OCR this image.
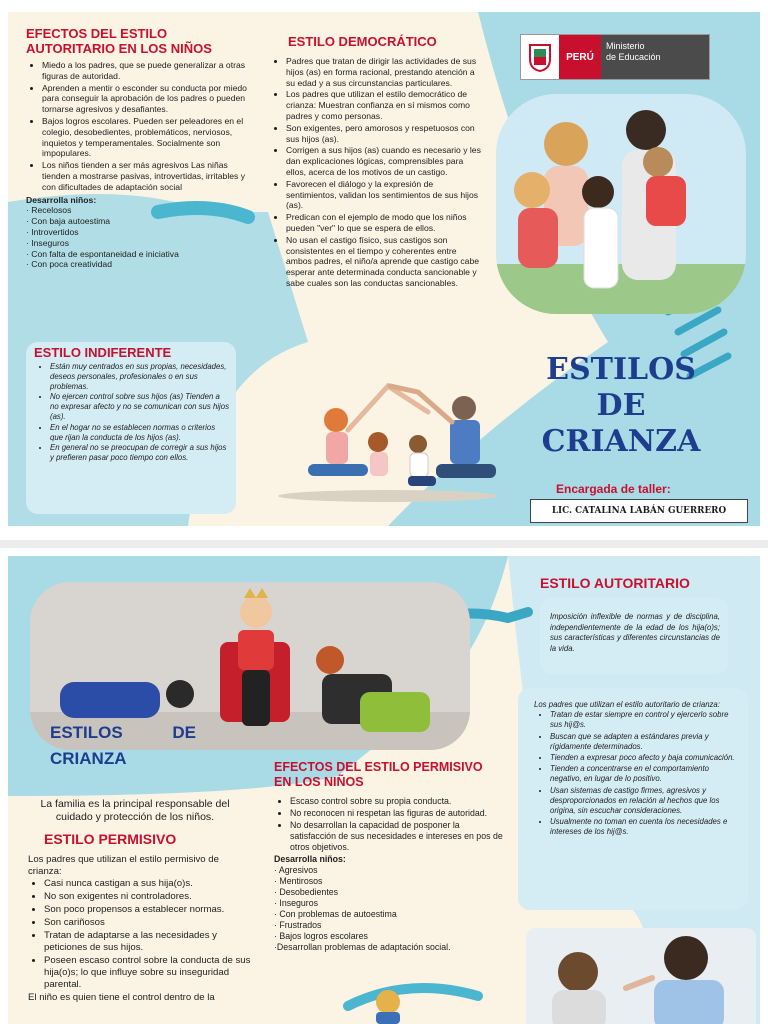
EFECTOS DEL ESTILO AUTORITARIO EN LOS NIÑOS
• Miedo a los padres, que se puede generalizar a otras figuras de autoridad.
• Aprenden a mentir o esconder su conducta por miedo para conseguir la aprobación de los padres o pueden tornarse agresivos y desafiantes.
• Bajos logros escolares. Pueden ser peleadores en el colegio, desobedientes, problemáticos, nerviosos, inquietos y temperamentales. Socialmente son impopulares.
• Los niños tienden a ser más agresivos Las niñas tienden a mostrarse pasivas, introvertidas, irritables y con dificultades de adaptación social
Desarrolla niños:
· Recelosos
· Con baja autoestima
· Introvertidos
· Inseguros
· Con falta de espontaneidad e iniciativa
· Con poca creatividad
ESTILO INDIFERENTE
• Están muy centrados en sus propias, necesidades, deseos personales, profesionales o en sus problemas.
• No ejercen control sobre sus hijos (as) Tienden a no expresar afecto y no se comunican con sus hijos (as).
• En el hogar no se establecen normas o criterios que rijan la conducta de los hijos (as).
• En general no se preocupan de corregir a sus hijos y prefieren pasar poco tiempo con ellos.
ESTILO DEMOCRÁTICO
• Padres que tratan de dirigir las actividades de sus hijos (as) en forma racional, prestando atención a su edad y a sus circunstancias particulares.
• Los padres que utilizan el estilo democrático de crianza: Muestran confianza en sí mismos como padres y como personas.
• Son exigentes, pero amorosos y respetuosos con sus hijos (as).
• Corrigen a sus hijos (as) cuando es necesario y les dan explicaciones lógicas, comprensibles para ellos, acerca de los motivos de un castigo.
• Favorecen el diálogo y la expresión de sentimientos, validan los sentimientos de sus hijos (as).
• Predican con el ejemplo de modo que los niños pueden "ver" lo que se espera de ellos.
• No usan el castigo físico, sus castigos son consistentes en el tiempo y coherentes entre ambos padres, el niño/a aprende que castigo cabe esperar ante determinada conducta sancionable y sabe cuales son las conductas sancionables.
PERÚ
Ministerio
de Educación
ESTILOS
DE
CRIANZA
Encargada de taller:
LIC. CATALINA LABÁN GUERRERO
ESTILOS	DE
CRIANZA
La familia es la principal responsable del cuidado y protección de los niños.
ESTILO PERMISIVO
Los padres que utilizan el estilo permisivo de crianza:
• Casi nunca castigan a sus hija(o)s.
• No son exigentes ni controladores.
• Son poco propensos a establecer normas.
• Son cariñosos
• Tratan de adaptarse a las necesidades y peticiones de sus hijos.
• Poseen escaso control sobre la conducta de sus hija(o)s; lo que influye sobre su inseguridad parental.
El niño es quien tiene el control dentro de la
EFECTOS DEL ESTILO PERMISIVO EN LOS NIÑOS
• Escaso control sobre su propia conducta.
• No reconocen ni respetan las figuras de autoridad.
• No desarrollan la capacidad de posponer la satisfacción de sus necesidades e intereses en pos de otros objetivos.
Desarrolla niños:
· Agresivos
· Mentirosos
· Desobedientes
· Inseguros
· Con problemas de autoestima
· Frustrados
· Bajos logros escolares
·Desarrollan problemas de adaptación social.
ESTILO AUTORITARIO
Imposición inflexible de normas y de disciplina, independientemente de la edad de los hija(o)s; sus características y diferentes circunstancias de la vida.
Los padres que utilizan el estilo autoritario de crianza:
• Tratan de estar siempre en control y ejercerlo sobre sus hij@s.
• Buscan que se adapten a estándares previa y rígidamente determinados.
• Tienden a expresar poco afecto y baja comunicación.
• Tienden a concentrarse en el comportamiento negativo, en lugar de lo positivo.
• Usan sistemas de castigo firmes, agresivos y desproporcionados en relación al hechos que los origina, sin escuchar consideraciones.
• Usualmente no toman en cuenta los necesidades e intereses de los hij@s.
